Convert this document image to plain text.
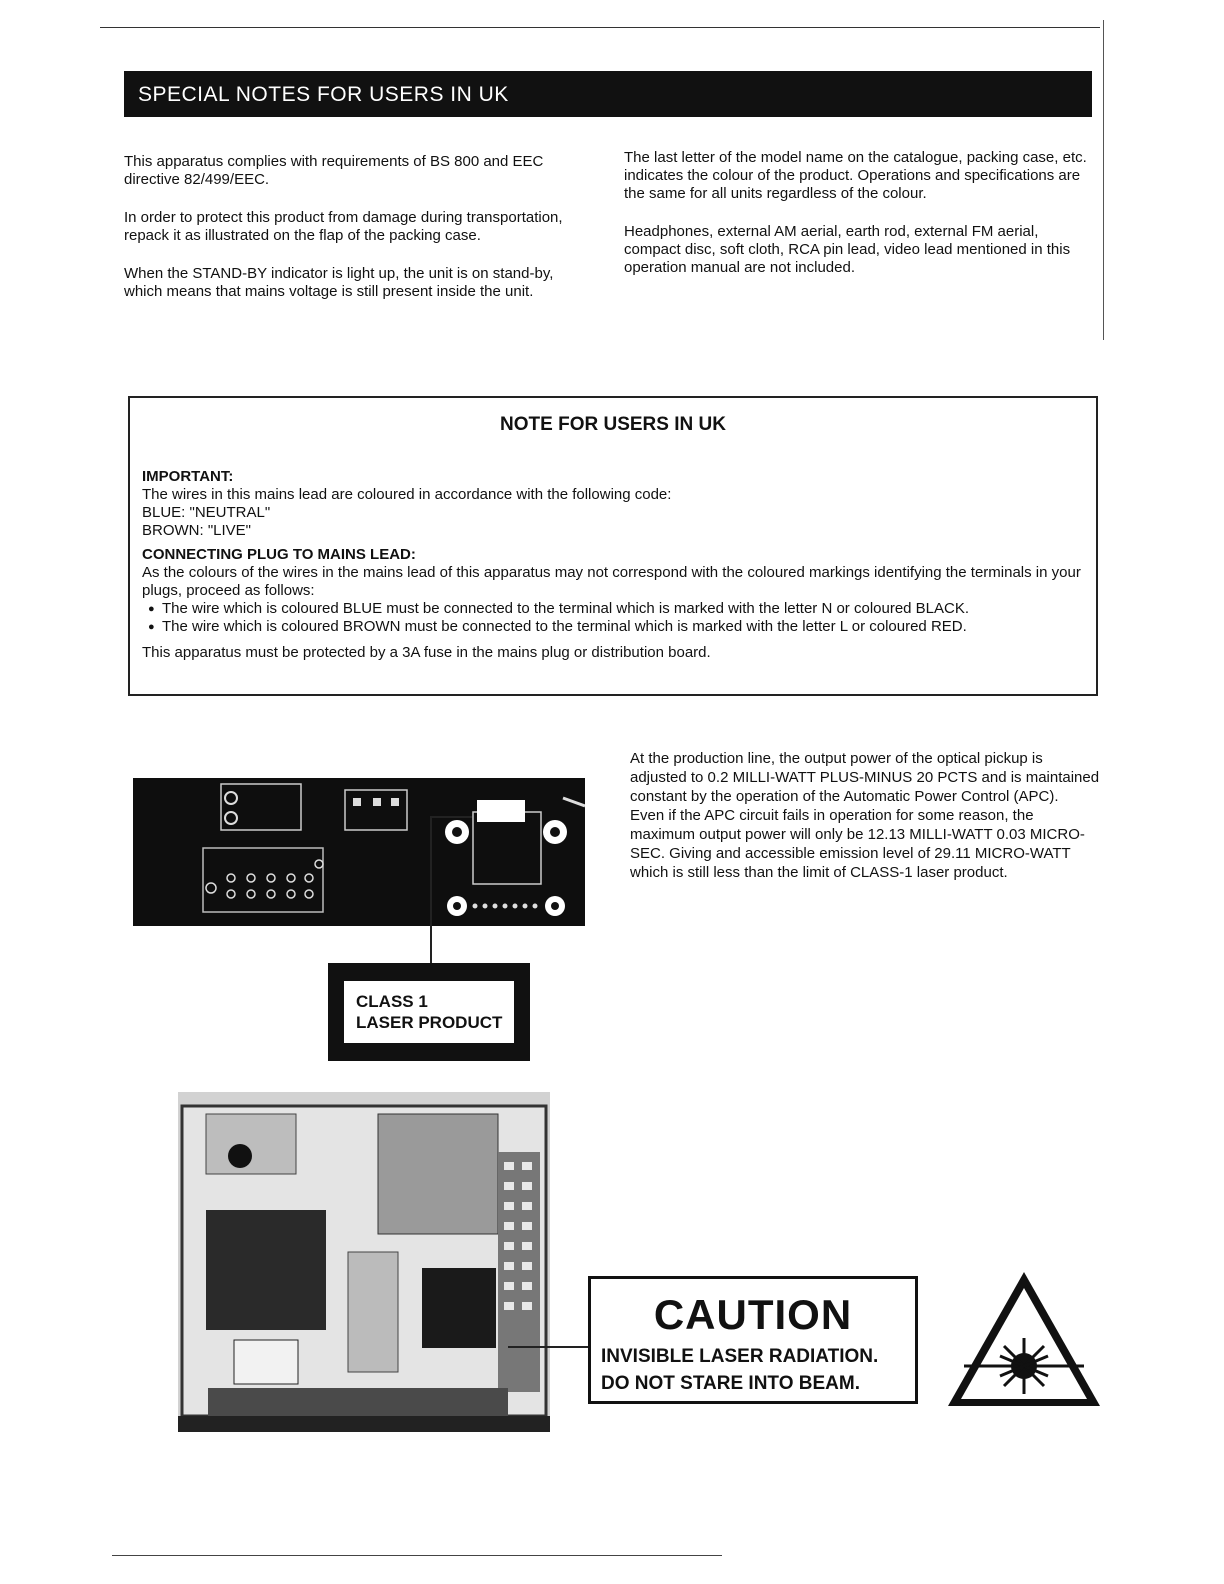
SPECIAL NOTES FOR USERS IN UK

This apparatus complies with requirements of BS 800 and EEC directive 82/499/EEC.

In order to protect this product from damage during transportation, repack it as illustrated on the flap of the packing case.

When the STAND-BY indicator is light up, the unit is on stand-by, which means that mains voltage is still present inside the unit.

The last letter of the model name on the catalogue, packing case, etc. indicates the colour of the product. Operations and specifications are the same for all units regardless of the colour.

Headphones, external AM aerial, earth rod, external FM aerial, compact disc, soft cloth, RCA pin lead, video lead mentioned in this operation manual are not included.

NOTE FOR USERS IN UK
IMPORTANT:
The wires in this mains lead are coloured in accordance with the following code:
BLUE: "NEUTRAL"
BROWN: "LIVE"
CONNECTING PLUG TO MAINS LEAD:
As the colours of the wires in the mains lead of this apparatus may not correspond with the coloured markings identifying the terminals in your plugs, proceed as follows:
● The wire which is coloured BLUE must be connected to the terminal which is marked with the letter N or coloured BLACK.
● The wire which is coloured BROWN must be connected to the terminal which is marked with the letter L or coloured RED.
This apparatus must be protected by a 3A fuse in the mains plug or distribution board.

At the production line, the output power of the optical pickup is adjusted to 0.2 MILLI-WATT PLUS-MINUS 20 PCTS and is maintained constant by the operation of the Automatic Power Control (APC).

Even if the APC circuit fails in operation for some reason, the maximum output power will only be 12.13 MILLI-WATT 0.03 MICRO-SEC. Giving and accessible emission level of 29.11 MICRO-WATT which is still less than the limit of CLASS-1 laser product.

CLASS 1
LASER PRODUCT
CAUTION
INVISIBLE LASER RADIATION.
DO NOT STARE INTO BEAM.
